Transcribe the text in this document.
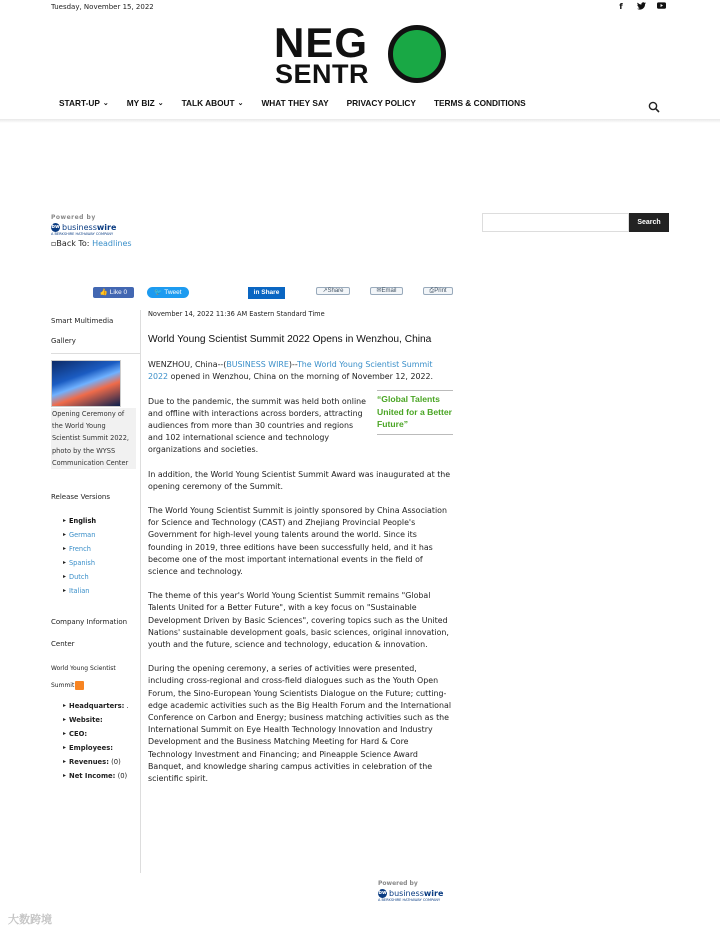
Tuesday, November 15, 2022	f
NEG
SENTR
START-UP ⌄ MY BIZ ⌄ TALK ABOUT ⌄ WHAT THEY SAY PRIVACY POLICY TERMS & CONDITIONS
Powered by
bw businesswire
A BERKSHIRE HATHAWAY COMPANY
▫Back To: Headlines
Search
👍 Like 0	🐦 Tweet	in Share	↗Share	✉Email	⎙Print
Smart Multimedia
Gallery
Opening Ceremony of the World Young Scientist Summit 2022, photo by the WYSS Communication Center
Release Versions
▸ English
▸ German
▸ French
▸ Spanish
▸ Dutch
▸ Italian
Company Information
Center
World Young Scientist
Summit
▸ Headquarters: .
▸ Website:
▸ CEO:
▸ Employees:
▸ Revenues: (0)
▸ Net Income: (0)
November 14, 2022 11:36 AM Eastern Standard Time
World Young Scientist Summit 2022 Opens in Wenzhou, China

WENZHOU, China--(BUSINESS WIRE)--The World Young Scientist Summit 2022 opened in Wenzhou, China on the morning of November 12, 2022.

Due to the pandemic, the summit was held both online and offline with interactions across borders, attracting audiences from more than 30 countries and regions and 102 international science and technology organizations and societies.

“Global Talents United for a Better Future”

In addition, the World Young Scientist Summit Award was inaugurated at the opening ceremony of the Summit.

The World Young Scientist Summit is jointly sponsored by China Association for Science and Technology (CAST) and Zhejiang Provincial People's Government for high-level young talents around the world. Since its founding in 2019, three editions have been successfully held, and it has become one of the most important international events in the field of science and technology.

The theme of this year's World Young Scientist Summit remains "Global Talents United for a Better Future", with a key focus on "Sustainable Development Driven by Basic Sciences", covering topics such as the United Nations' sustainable development goals, basic sciences, original innovation, youth and the future, science and technology, education & innovation.

During the opening ceremony, a series of activities were presented, including cross-regional and cross-field dialogues such as the Youth Open Forum, the Sino-European Young Scientists Dialogue on the Future; cutting-edge academic activities such as the Big Health Forum and the International Conference on Carbon and Energy; business matching activities such as the International Summit on Eye Health Technology Innovation and Industry Development and the Business Matching Meeting for Hard & Core Technology Investment and Financing; and Pineapple Science Award Banquet, and knowledge sharing campus activities in celebration of the scientific spirit.

Powered by
bw businesswire
A BERKSHIRE HATHAWAY COMPANY
大数跨境
